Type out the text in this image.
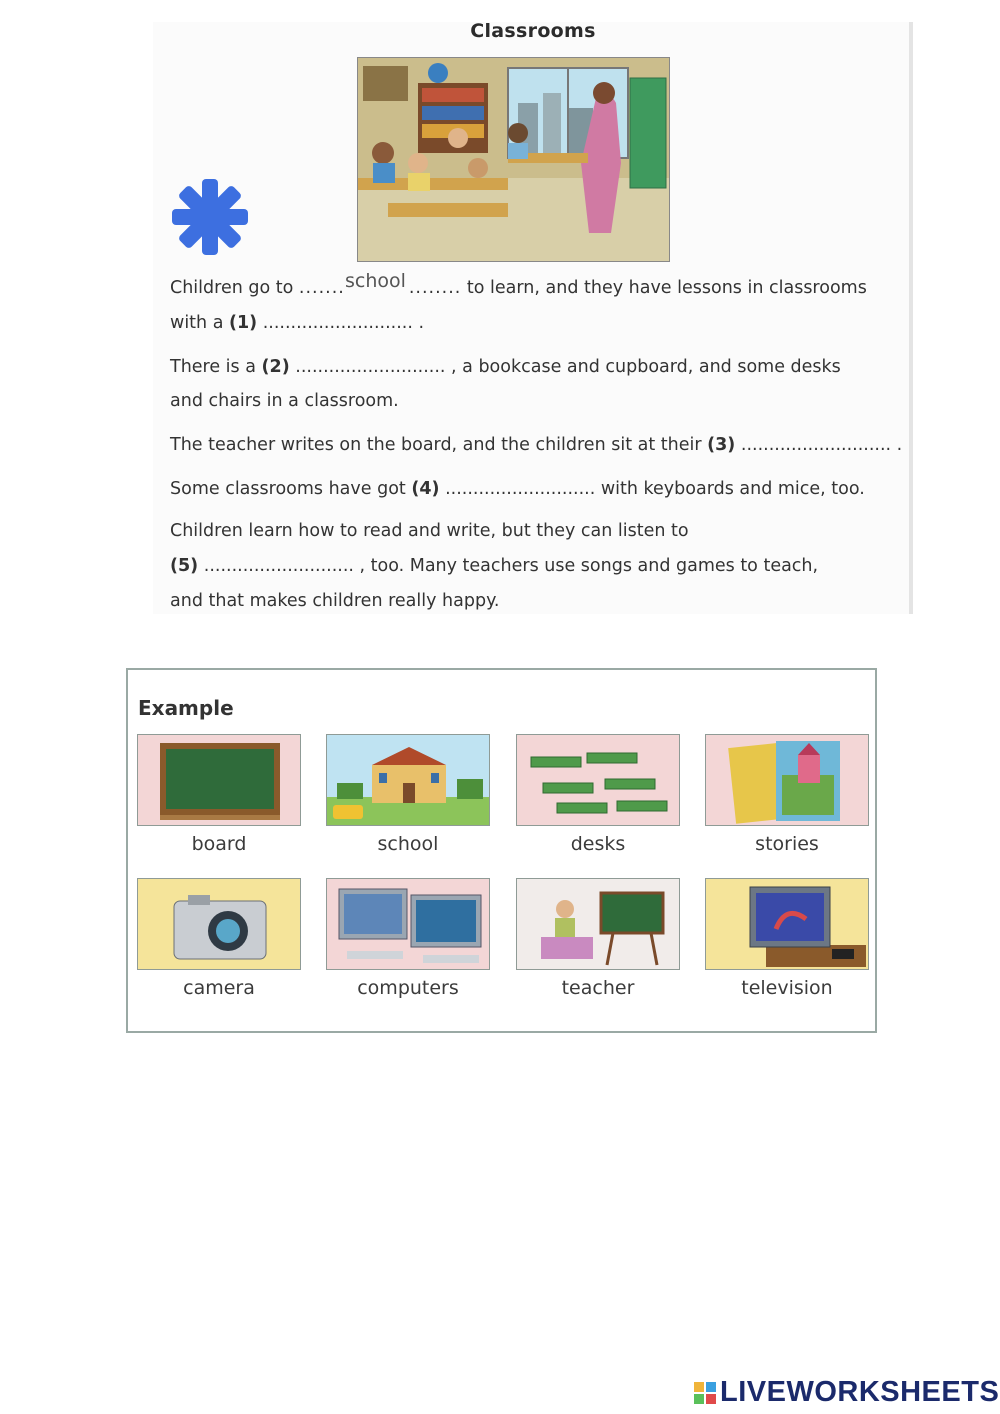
Classrooms
Children go to .......	........ to learn, and they have lessons in classrooms
school
with a (1) ........................... .
There is a (2) ........................... , a bookcase and cupboard, and some desks
and chairs in a classroom.
The teacher writes on the board, and the children sit at their (3) ........................... .
Some classrooms have got (4) ........................... with keyboards and mice, too.
Children learn how to read and write, but they can listen to
(5) ........................... , too. Many teachers use songs and games to teach,
and that makes children really happy.
Example
board	school	desks	stories
camera	computers	teacher	television
LIVEWORKSHEETS
